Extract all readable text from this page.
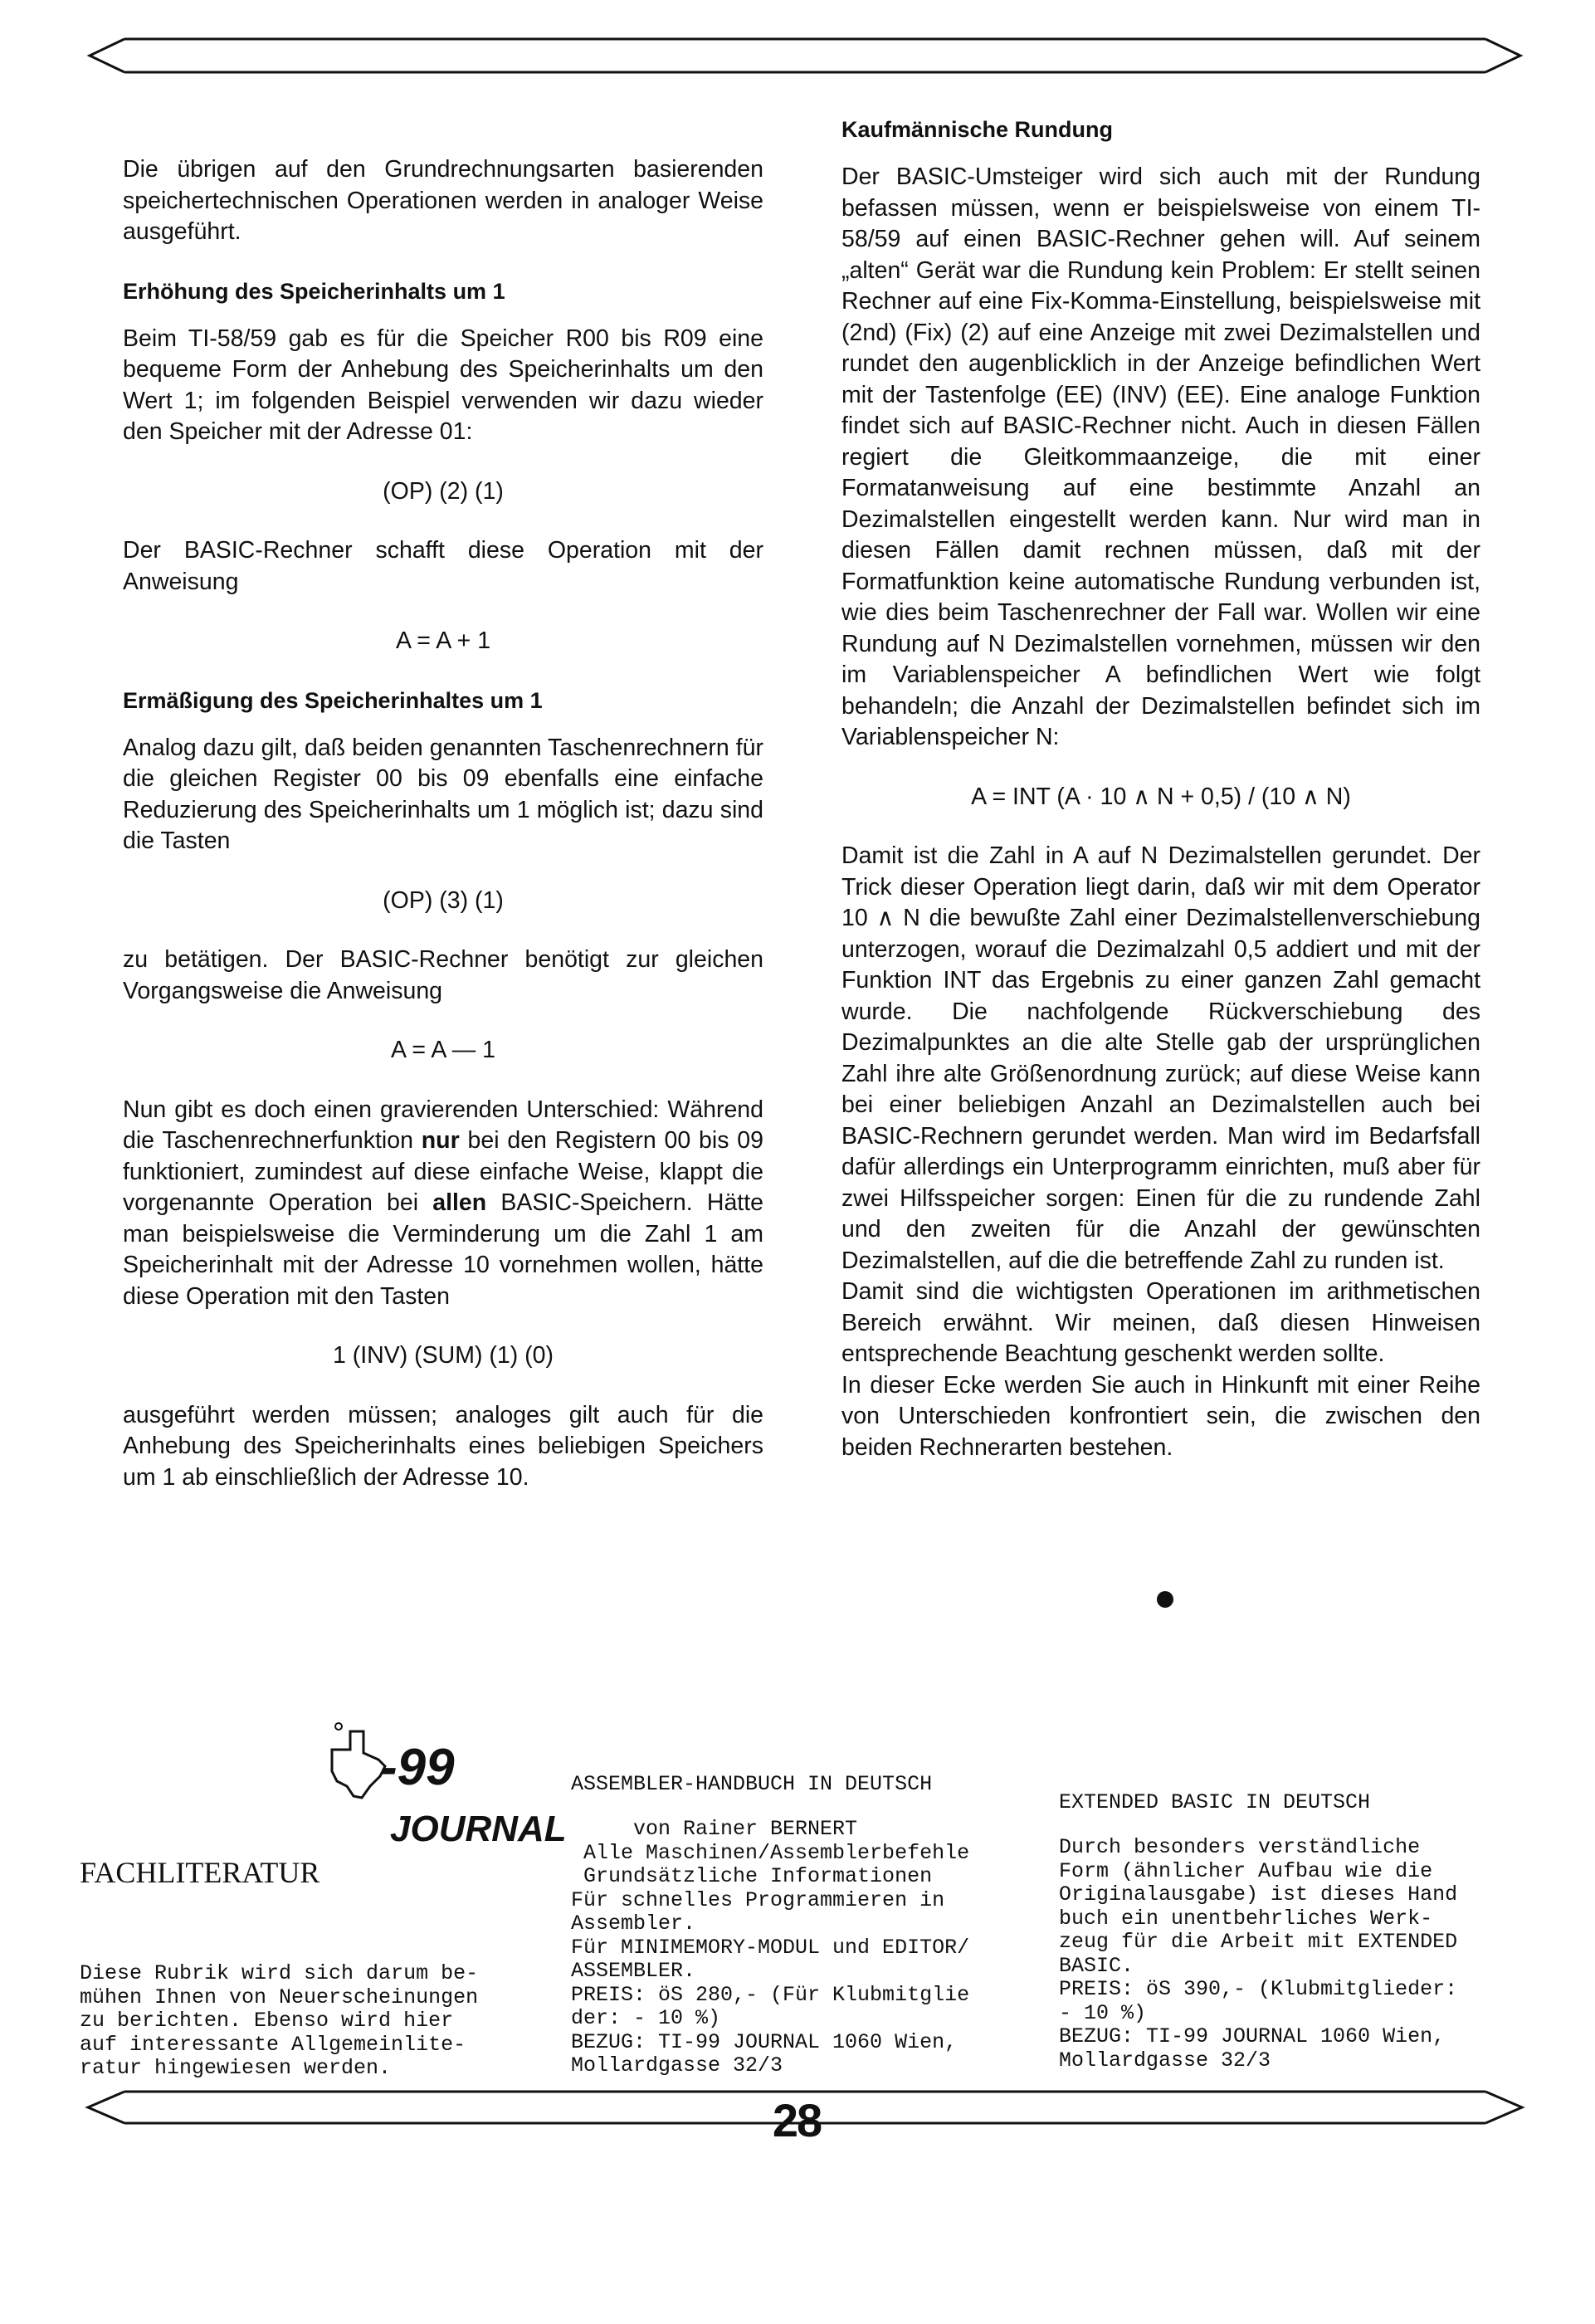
Die übrigen auf den Grundrechnungsarten basierenden speichertechnischen Operationen werden in analoger Weise ausgeführt.

Erhöhung des Speicherinhalts um 1

Beim TI-58/59 gab es für die Speicher R00 bis R09 eine bequeme Form der Anhebung des Speicherinhalts um den Wert 1; im folgenden Beispiel verwenden wir dazu wieder den Speicher mit der Adresse 01:

(OP) (2) (1)

Der BASIC-Rechner schafft diese Operation mit der Anweisung

A = A + 1

Ermäßigung des Speicherinhaltes um 1

Analog dazu gilt, daß beiden genannten Taschenrechnern für die gleichen Register 00 bis 09 ebenfalls eine einfache Reduzierung des Speicherinhalts um 1 möglich ist; dazu sind die Tasten

(OP) (3) (1)

zu betätigen. Der BASIC-Rechner benötigt zur gleichen Vorgangsweise die Anweisung

A = A — 1

Nun gibt es doch einen gravierenden Unterschied: Während die Taschenrechnerfunktion nur bei den Registern 00 bis 09 funktioniert, zumindest auf diese einfache Weise, klappt die vorgenannte Operation bei allen BASIC-Speichern. Hätte man beispielsweise die Verminderung um die Zahl 1 am Speicherinhalt mit der Adresse 10 vornehmen wollen, hätte diese Operation mit den Tasten

1 (INV) (SUM) (1) (0)

ausgeführt werden müssen; analoges gilt auch für die Anhebung des Speicherinhalts eines beliebigen Speichers um 1 ab einschließlich der Adresse 10.

Kaufmännische Rundung

Der BASIC-Umsteiger wird sich auch mit der Rundung befassen müssen, wenn er beispielsweise von einem TI-58/59 auf einen BASIC-Rechner gehen will. Auf seinem „alten“ Gerät war die Rundung kein Problem: Er stellt seinen Rechner auf eine Fix-Komma-Einstellung, beispielsweise mit (2nd) (Fix) (2) auf eine Anzeige mit zwei Dezimalstellen und rundet den augenblicklich in der Anzeige befindlichen Wert mit der Tastenfolge (EE) (INV) (EE). Eine analoge Funktion findet sich auf BASIC-Rechner nicht. Auch in diesen Fällen regiert die Gleitkommaanzeige, die mit einer Formatanweisung auf eine bestimmte Anzahl an Dezimalstellen eingestellt werden kann. Nur wird man in diesen Fällen damit rechnen müssen, daß mit der Formatfunktion keine automatische Rundung verbunden ist, wie dies beim Taschenrechner der Fall war. Wollen wir eine Rundung auf N Dezimalstellen vornehmen, müssen wir den im Variablenspeicher A befindlichen Wert wie folgt behandeln; die Anzahl der Dezimalstellen befindet sich im Variablenspeicher N:

A = INT (A · 10 ∧ N + 0,5) / (10 ∧ N)

Damit ist die Zahl in A auf N Dezimalstellen gerundet. Der Trick dieser Operation liegt darin, daß wir mit dem Operator 10 ∧ N die bewußte Zahl einer Dezimalstellenverschiebung unterzogen, worauf die Dezimalzahl 0,5 addiert und mit der Funktion INT das Ergebnis zu einer ganzen Zahl gemacht wurde. Die nachfolgende Rückverschiebung des Dezimalpunktes an die alte Stelle gab der ursprünglichen Zahl ihre alte Größenordnung zurück; auf diese Weise kann bei einer beliebigen Anzahl an Dezimalstellen auch bei BASIC-Rechnern gerundet werden. Man wird im Bedarfsfall dafür allerdings ein Unterprogramm einrichten, muß aber für zwei Hilfsspeicher sorgen: Einen für die zu rundende Zahl und den zweiten für die Anzahl der gewünschten Dezimalstellen, auf die die betreffende Zahl zu runden ist.

Damit sind die wichtigsten Operationen im arithmetischen Bereich erwähnt. Wir meinen, daß diesen Hinweisen entsprechende Beachtung geschenkt werden sollte.

In dieser Ecke werden Sie auch in Hinkunft mit einer Reihe von Unterschieden konfrontiert sein, die zwischen den beiden Rechnerarten bestehen.

-99
JOURNAL
FACHLITERATUR
Diese Rubrik wird sich darum be-
mühen Ihnen von Neuerscheinungen
zu berichten. Ebenso wird hier
auf interessante Allgemeinlite-
ratur hingewiesen werden.
ASSEMBLER-HANDBUCH IN DEUTSCH
von Rainer BERNERT
Alle Maschinen/Assemblerbefehle
Grundsätzliche Informationen
Für schnelles Programmieren in
Assembler.
Für MINIMEMORY-MODUL und EDITOR/
ASSEMBLER.
PREIS: öS 280,- (Für Klubmitglie
der: - 10 %)
BEZUG: TI-99 JOURNAL 1060 Wien,
Mollardgasse 32/3
EXTENDED BASIC IN DEUTSCH
Durch besonders verständliche
Form (ähnlicher Aufbau wie die
Originalausgabe) ist dieses Hand
buch ein unentbehrliches Werk-
zeug für die Arbeit mit EXTENDED
BASIC.
PREIS: öS 390,- (Klubmitglieder:
- 10 %)
BEZUG: TI-99 JOURNAL 1060 Wien,
Mollardgasse 32/3
28
